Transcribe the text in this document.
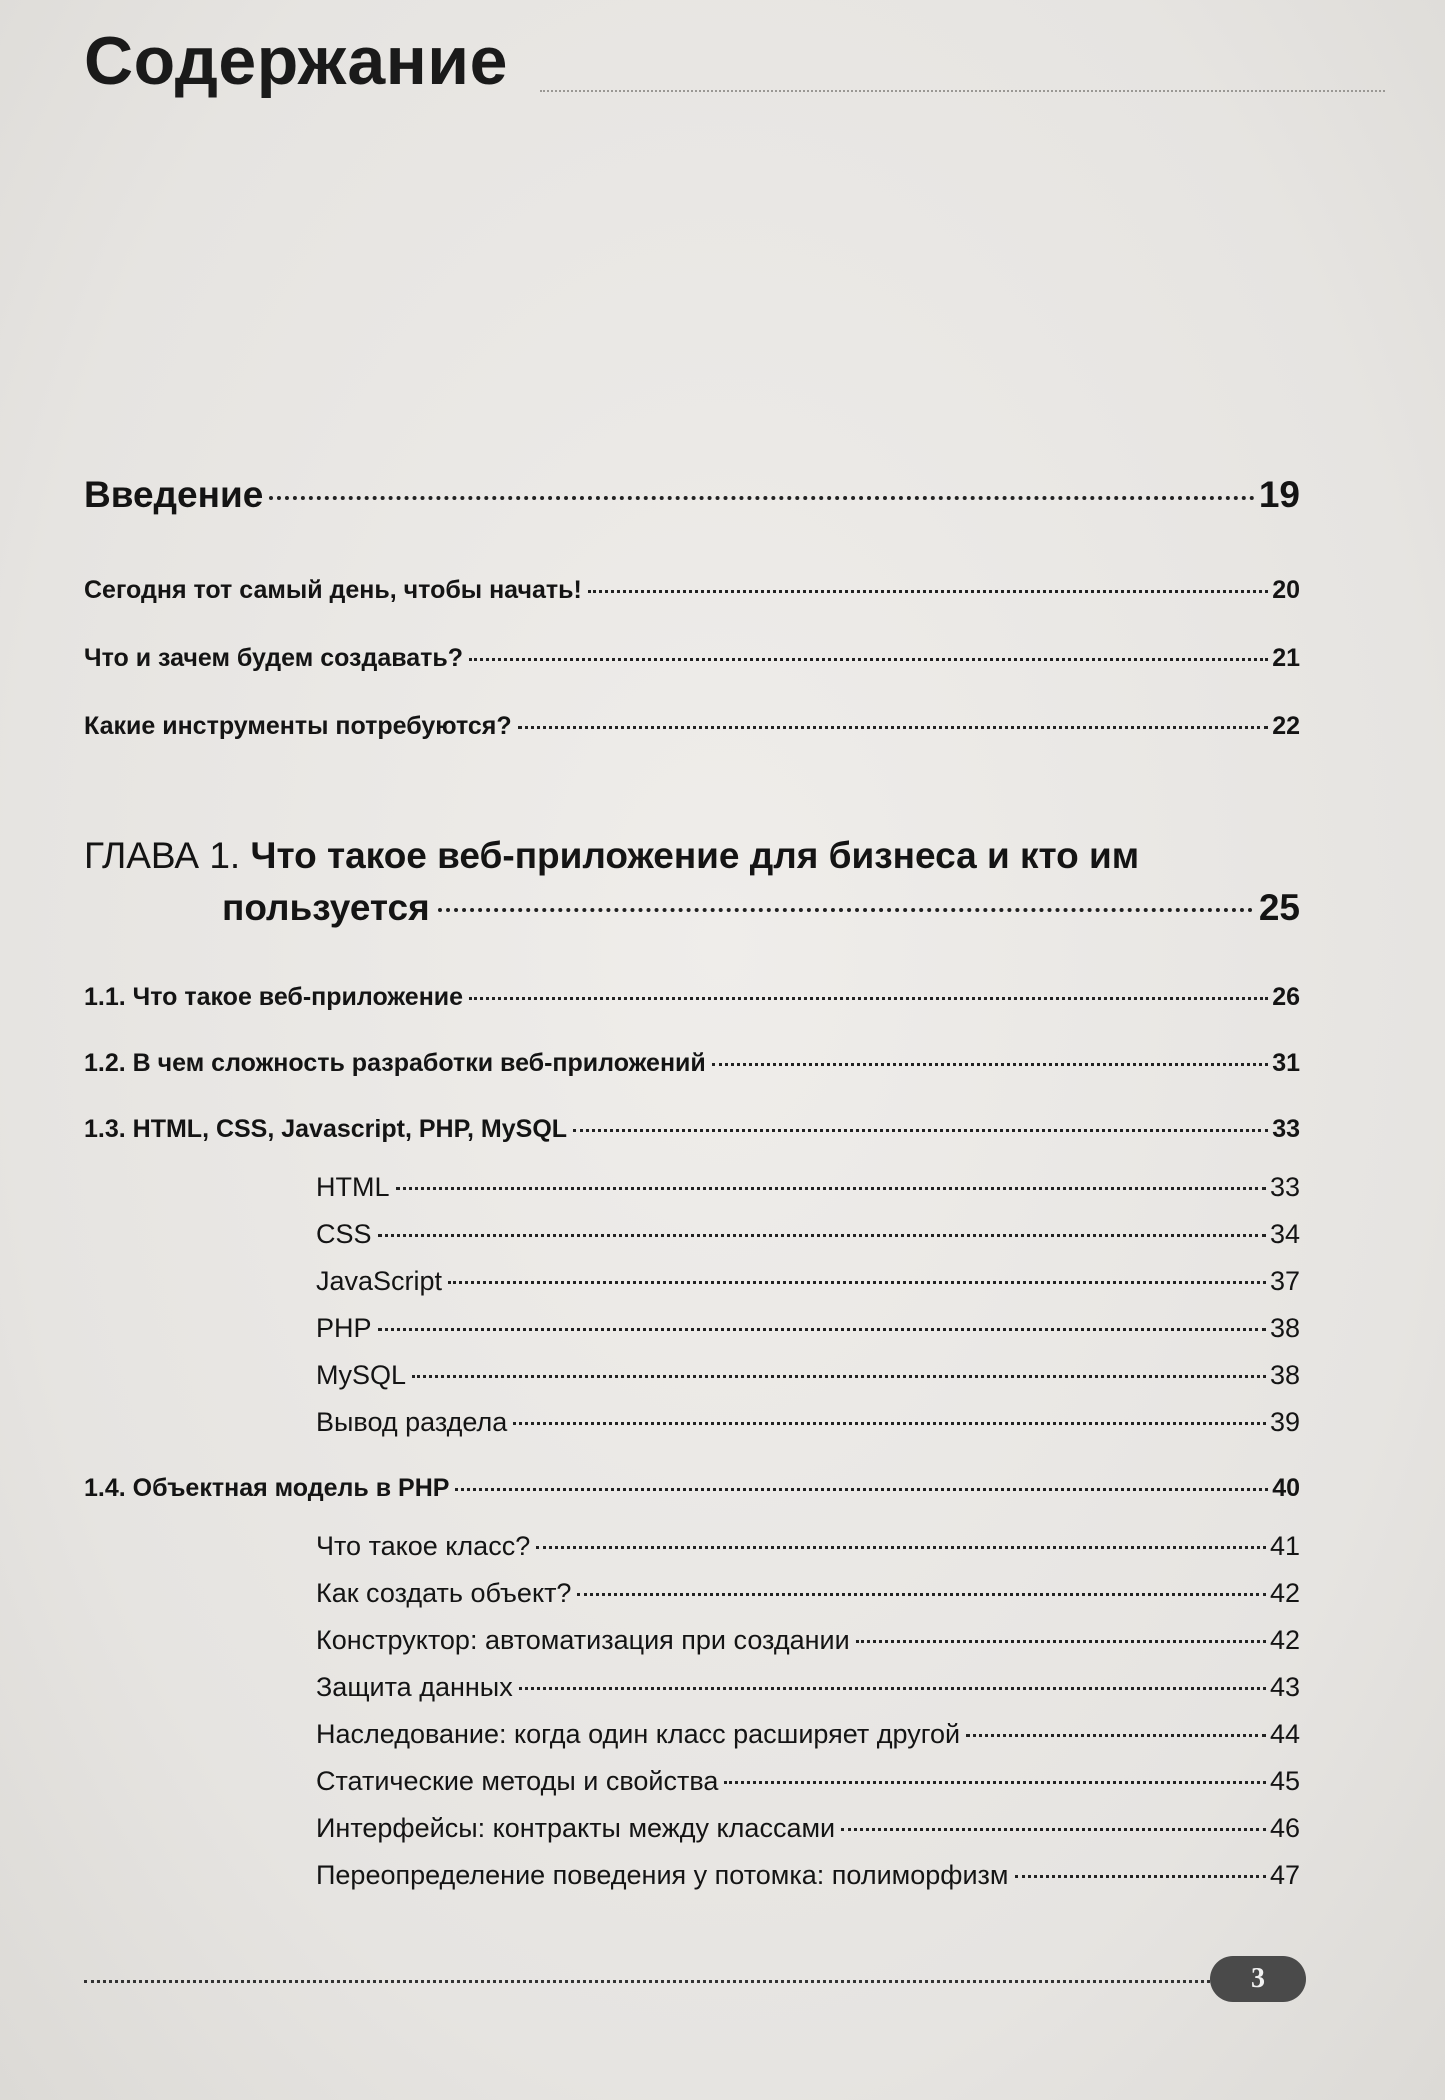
Содержание
Введение	19
Сегодня тот самый день, чтобы начать!	20
Что и зачем будем создавать?	21
Какие инструменты потребуются?	22
ГЛАВА 1. Что такое веб-приложение для бизнеса и кто им
пользуется	25
1.1. Что такое веб-приложение	26
1.2. В чем сложность разработки веб-приложений	31
1.3. HTML, CSS, Javascript, PHP, MySQL	33
HTML	33
CSS	34
JavaScript	37
PHP	38
MySQL	38
Вывод раздела	39
1.4. Объектная модель в PHP	40
Что такое класс?	41
Как создать объект?	42
Конструктор: автоматизация при создании	42
Защита данных	43
Наследование: когда один класс расширяет другой	44
Статические методы и свойства	45
Интерфейсы: контракты между классами	46
Переопределение поведения у потомка: полиморфизм	47
3
